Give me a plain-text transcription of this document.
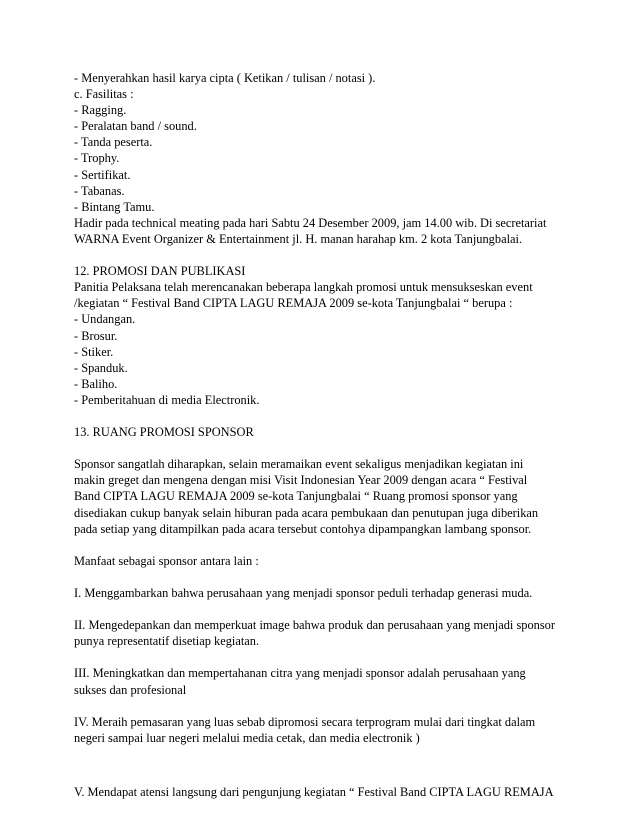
- Menyerahkan hasil karya cipta ( Ketikan / tulisan / notasi ).
c. Fasilitas :
- Ragging.
- Peralatan band / sound.
- Tanda peserta.
- Trophy.
- Sertifikat.
- Tabanas.
- Bintang Tamu.
Hadir pada technical meating pada hari Sabtu 24 Desember 2009, jam 14.00 wib. Di secretariat
WARNA Event Organizer & Entertainment jl. H. manan harahap km. 2 kota Tanjungbalai.
12. PROMOSI DAN PUBLIKASI
Panitia Pelaksana telah merencanakan beberapa langkah promosi untuk mensukseskan event
/kegiatan “ Festival Band CIPTA LAGU REMAJA 2009 se-kota Tanjungbalai “ berupa :
- Undangan.
- Brosur.
- Stiker.
- Spanduk.
- Baliho.
- Pemberitahuan di media Electronik.
13. RUANG PROMOSI SPONSOR
Sponsor sangatlah diharapkan, selain meramaikan event sekaligus menjadikan kegiatan ini
makin greget dan mengena dengan misi Visit Indonesian Year 2009 dengan acara “ Festival
Band CIPTA LAGU REMAJA 2009 se-kota Tanjungbalai “ Ruang promosi sponsor yang
disediakan cukup banyak selain hiburan pada acara pembukaan dan penutupan juga diberikan
pada setiap yang ditampilkan pada acara tersebut contohya dipampangkan lambang sponsor.
Manfaat sebagai sponsor antara lain :
I. Menggambarkan bahwa perusahaan yang menjadi sponsor peduli terhadap generasi muda.
II. Mengedepankan dan memperkuat image bahwa produk dan perusahaan yang menjadi sponsor
punya representatif disetiap kegiatan.
III. Meningkatkan dan mempertahanan citra yang menjadi sponsor adalah perusahaan yang
sukses dan profesional
IV. Meraih pemasaran yang luas sebab dipromosi secara terprogram mulai dari tingkat dalam
negeri sampai luar negeri melalui media cetak, dan media electronik )
V. Mendapat atensi langsung dari pengunjung kegiatan “ Festival Band CIPTA LAGU REMAJA
